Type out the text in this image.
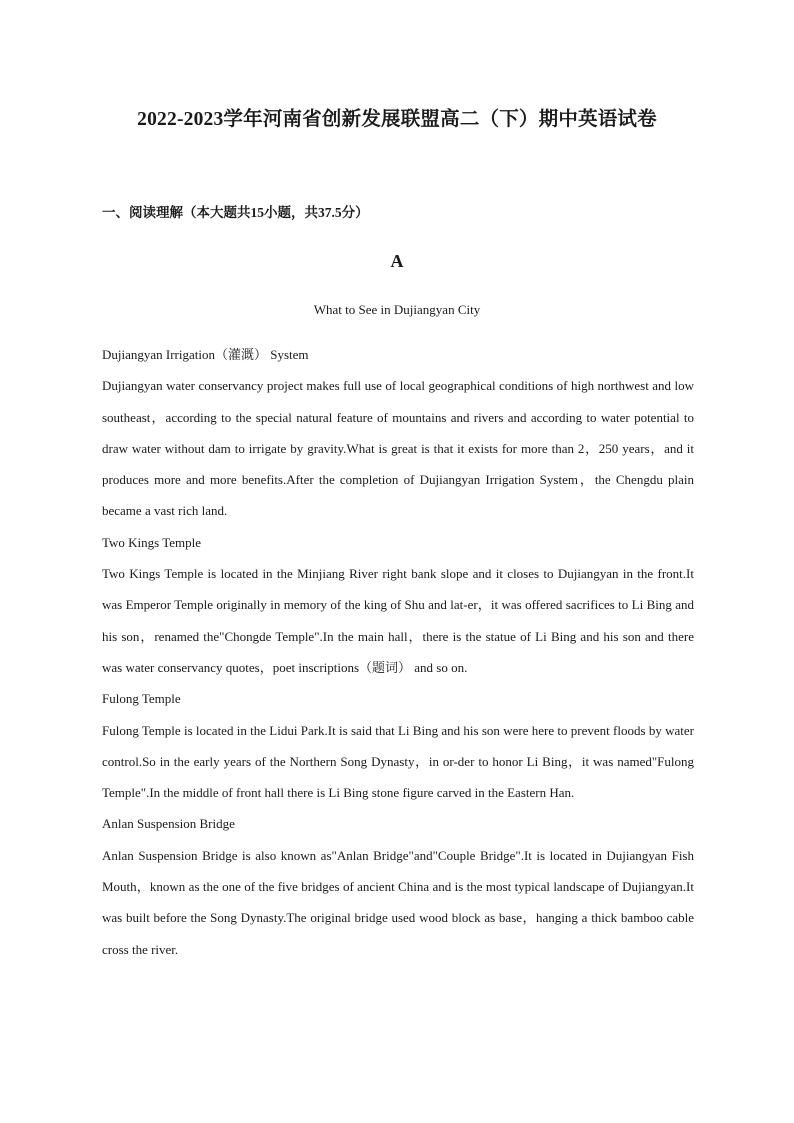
2022-2023学年河南省创新发展联盟高二（下）期中英语试卷
一、阅读理解（本大题共15小题，共37.5分）
A
What to See in Dujiangyan City

Dujiangyan Irrigation（灌溉） System

Dujiangyan water conservancy project makes full use of local geographical conditions of high northwest and low southeast，according to the special natural feature of mountains and rivers and according to water potential to draw water without dam to irrigate by gravity.What is great is that it exists for more than 2，250 years，and it produces more and more benefits.After the completion of Dujiangyan Irrigation System，the Chengdu plain became a vast rich land.

Two Kings Temple

Two Kings Temple is located in the Minjiang River right bank slope and it closes to Dujiangyan in the front.It was Emperor Temple originally in memory of the king of Shu and lat-er，it was offered sacrifices to Li Bing and his son，renamed the"Chongde Temple".In the main hall，there is the statue of Li Bing and his son and there was water conservancy quotes，poet inscriptions（题词） and so on.

Fulong Temple

Fulong Temple is located in the Lidui Park.It is said that Li Bing and his son were here to prevent floods by water control.So in the early years of the Northern Song Dynasty，in or-der to honor Li Bing，it was named"Fulong Temple".In the middle of front hall there is Li Bing stone figure carved in the Eastern Han.

Anlan Suspension Bridge

Anlan Suspension Bridge is also known as"Anlan Bridge"and"Couple Bridge".It is located in Dujiangyan Fish Mouth，known as the one of the five bridges of ancient China and is the most typical landscape of Dujiangyan.It was built before the Song Dynasty.The original bridge used wood block as base，hanging a thick bamboo cable cross the river.
